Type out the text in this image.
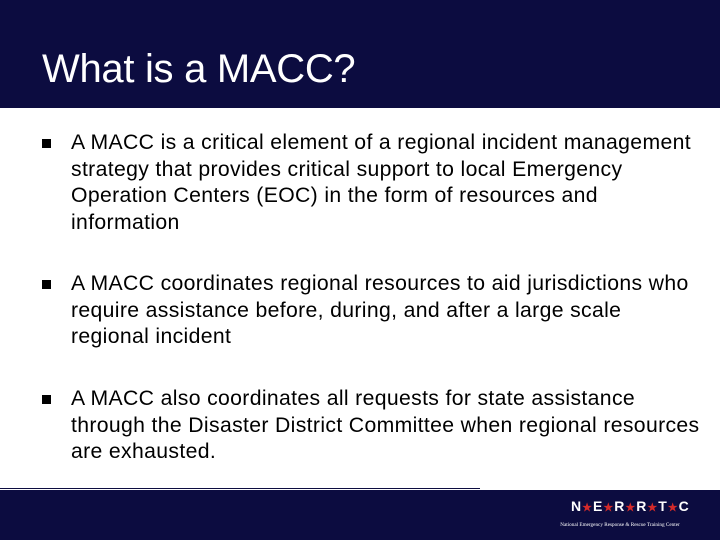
What is a MACC?
A MACC is a critical element of a regional incident management strategy that provides critical support to local Emergency Operation Centers (EOC) in the form of resources and information
A MACC coordinates regional resources to aid jurisdictions who require assistance before, during, and after a large scale regional incident
A MACC also coordinates all requests for state assistance through the Disaster District Committee when regional resources are exhausted.
N★E★R★R★T★C
National Emergency Response & Rescue Training Center
